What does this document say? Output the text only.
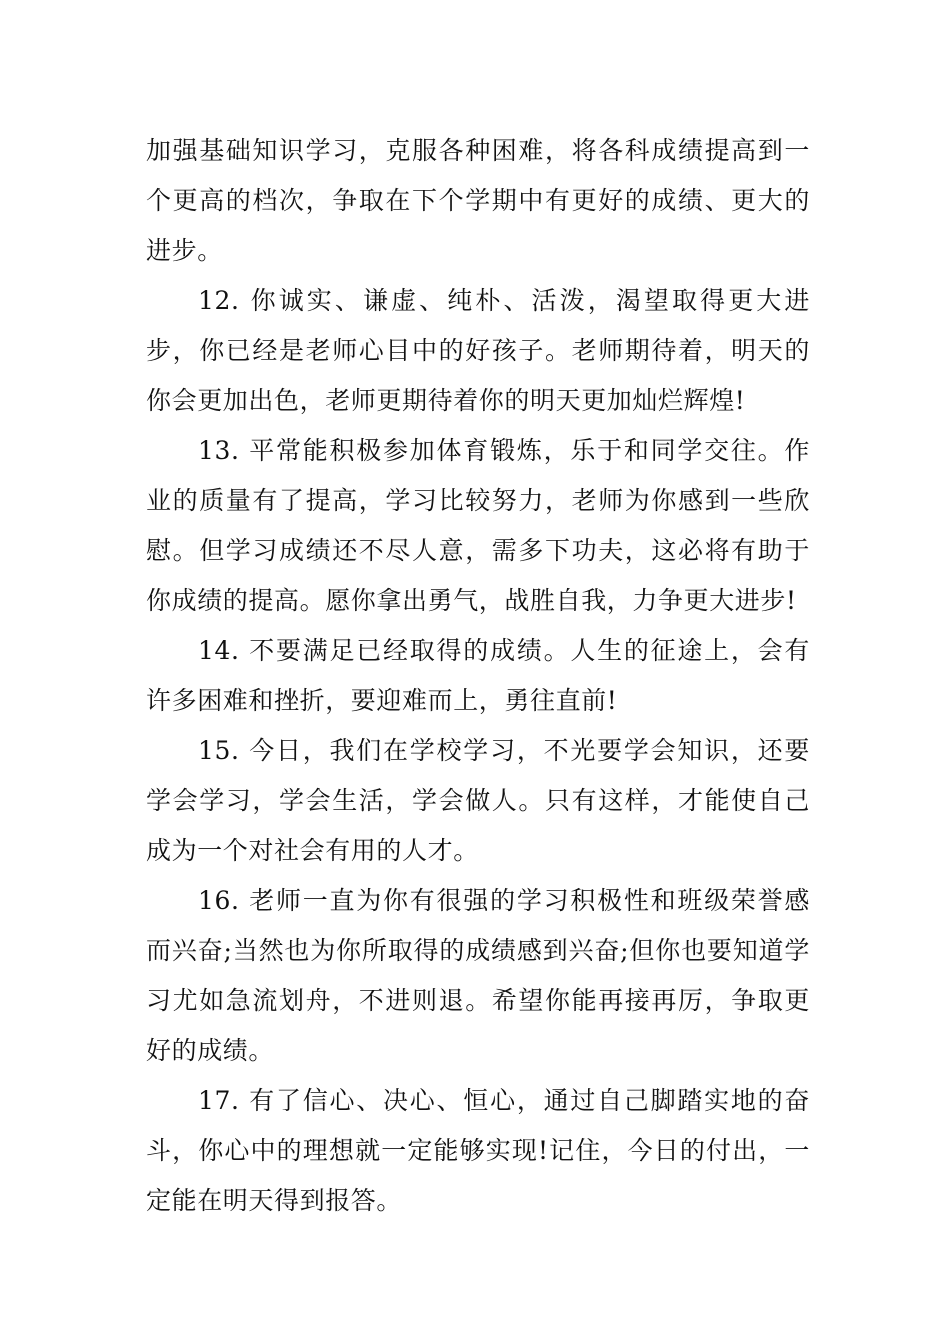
加强基础知识学习，克服各种困难，将各科成绩提高到一个更高的档次，争取在下个学期中有更好的成绩、更大的进步。

12. 你诚实、谦虚、纯朴、活泼，渴望取得更大进步，你已经是老师心目中的好孩子。老师期待着，明天的你会更加出色，老师更期待着你的明天更加灿烂辉煌!

13. 平常能积极参加体育锻炼，乐于和同学交往。作业的质量有了提高，学习比较努力，老师为你感到一些欣慰。但学习成绩还不尽人意，需多下功夫，这必将有助于你成绩的提高。愿你拿出勇气，战胜自我，力争更大进步!

14. 不要满足已经取得的成绩。人生的征途上，会有许多困难和挫折，要迎难而上，勇往直前!

15. 今日，我们在学校学习，不光要学会知识，还要学会学习，学会生活，学会做人。只有这样，才能使自己成为一个对社会有用的人才。

16. 老师一直为你有很强的学习积极性和班级荣誉感而兴奋;当然也为你所取得的成绩感到兴奋;但你也要知道学习尤如急流划舟，不进则退。希望你能再接再厉，争取更好的成绩。

17. 有了信心、决心、恒心，通过自己脚踏实地的奋斗，你心中的理想就一定能够实现!记住，今日的付出，一定能在明天得到报答。
